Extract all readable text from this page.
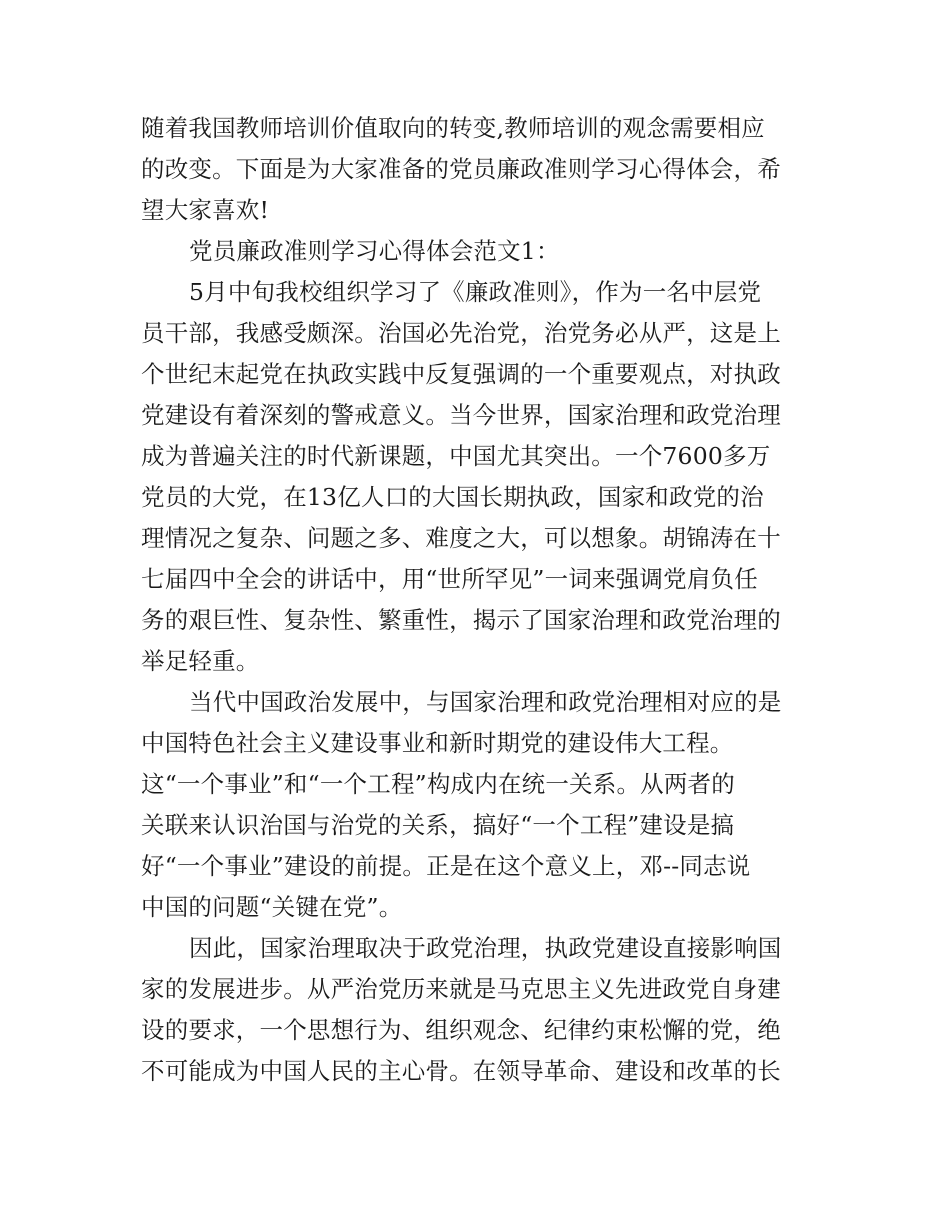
随着我国教师培训价值取向的转变,教师培训的观念需要相应
的改变。下面是为大家准备的党员廉政准则学习心得体会，希
望大家喜欢!
党员廉政准则学习心得体会范文1：
5月中旬我校组织学习了《廉政准则》，作为一名中层党
员干部，我感受颇深。治国必先治党，治党务必从严，这是上
个世纪末起党在执政实践中反复强调的一个重要观点，对执政
党建设有着深刻的警戒意义。当今世界，国家治理和政党治理
成为普遍关注的时代新课题，中国尤其突出。一个7600多万
党员的大党，在13亿人口的大国长期执政，国家和政党的治
理情况之复杂、问题之多、难度之大，可以想象。胡锦涛在十
七届四中全会的讲话中，用“世所罕见”一词来强调党肩负任
务的艰巨性、复杂性、繁重性，揭示了国家治理和政党治理的
举足轻重。
当代中国政治发展中，与国家治理和政党治理相对应的是
中国特色社会主义建设事业和新时期党的建设伟大工程。
这“一个事业”和“一个工程”构成内在统一关系。从两者的
关联来认识治国与治党的关系，搞好“一个工程”建设是搞
好“一个事业”建设的前提。正是在这个意义上，邓--同志说
中国的问题“关键在党”。
因此，国家治理取决于政党治理，执政党建设直接影响国
家的发展进步。从严治党历来就是马克思主义先进政党自身建
设的要求，一个思想行为、组织观念、纪律约束松懈的党，绝
不可能成为中国人民的主心骨。在领导革命、建设和改革的长
